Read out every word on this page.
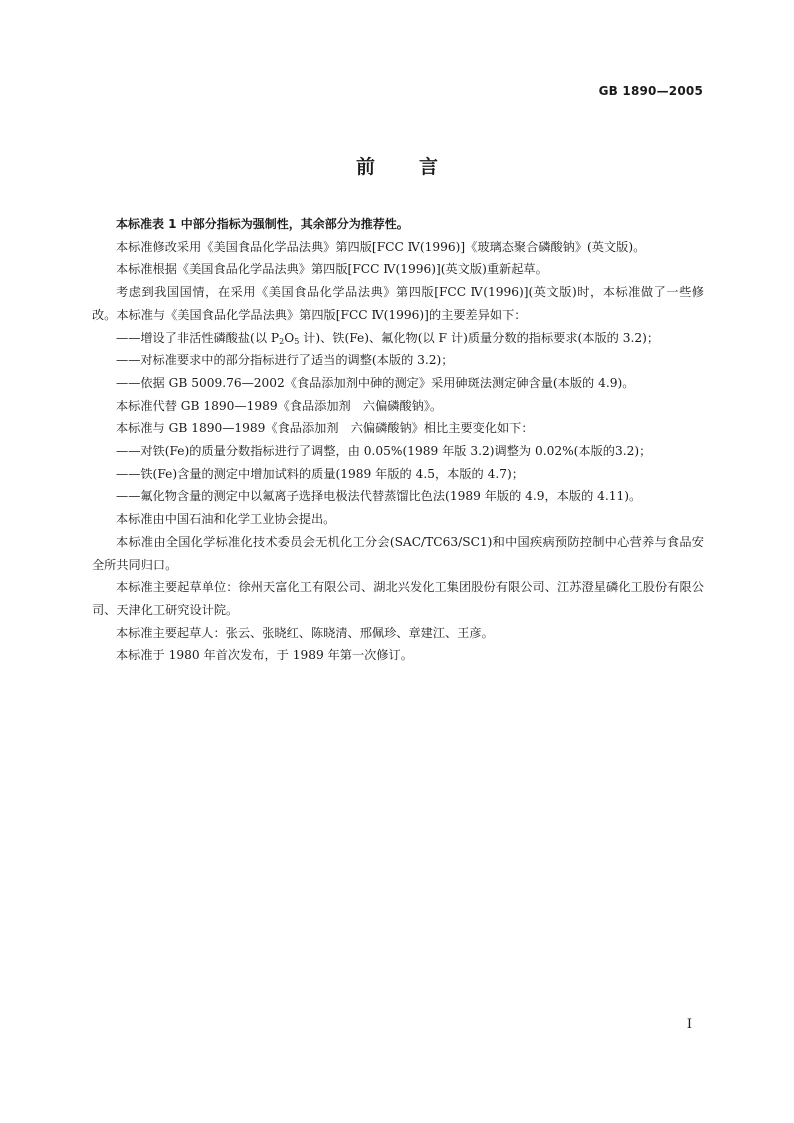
GB 1890—2005
前言

本标准表 1 中部分指标为强制性，其余部分为推荐性。

本标准修改采用《美国食品化学品法典》第四版[FCC Ⅳ(1996)]《玻璃态聚合磷酸钠》(英文版)。

本标准根据《美国食品化学品法典》第四版[FCC Ⅳ(1996)](英文版)重新起草。

考虑到我国国情，在采用《美国食品化学品法典》第四版[FCC Ⅳ(1996)](英文版)时，本标准做了一些修改。本标准与《美国食品化学品法典》第四版[FCC Ⅳ(1996)]的主要差异如下：

——增设了非活性磷酸盐(以 $P_2O_5$ 计)、铁(Fe)、氟化物(以 F 计)质量分数的指标要求(本版的 3.2)；

——对标准要求中的部分指标进行了适当的调整(本版的 3.2)；

——依据 GB 5009.76—2002《食品添加剂中砷的测定》采用砷斑法测定砷含量(本版的 4.9)。

本标准代替 GB 1890—1989《食品添加剂　六偏磷酸钠》。

本标准与 GB 1890—1989《食品添加剂　六偏磷酸钠》相比主要变化如下：

——对铁(Fe)的质量分数指标进行了调整，由 0.05%(1989 年版 3.2)调整为 0.02%(本版的3.2)；

——铁(Fe)含量的测定中增加试料的质量(1989 年版的 4.5，本版的 4.7)；

——氟化物含量的测定中以氟离子选择电极法代替蒸馏比色法(1989 年版的 4.9，本版的 4.11)。

本标准由中国石油和化学工业协会提出。

本标准由全国化学标准化技术委员会无机化工分会(SAC/TC63/SC1)和中国疾病预防控制中心营养与食品安全所共同归口。

本标准主要起草单位：徐州天富化工有限公司、湖北兴发化工集团股份有限公司、江苏澄星磷化工股份有限公司、天津化工研究设计院。

本标准主要起草人：张云、张晓红、陈晓清、邢佩珍、章建江、王彦。

本标准于 1980 年首次发布，于 1989 年第一次修订。

I
